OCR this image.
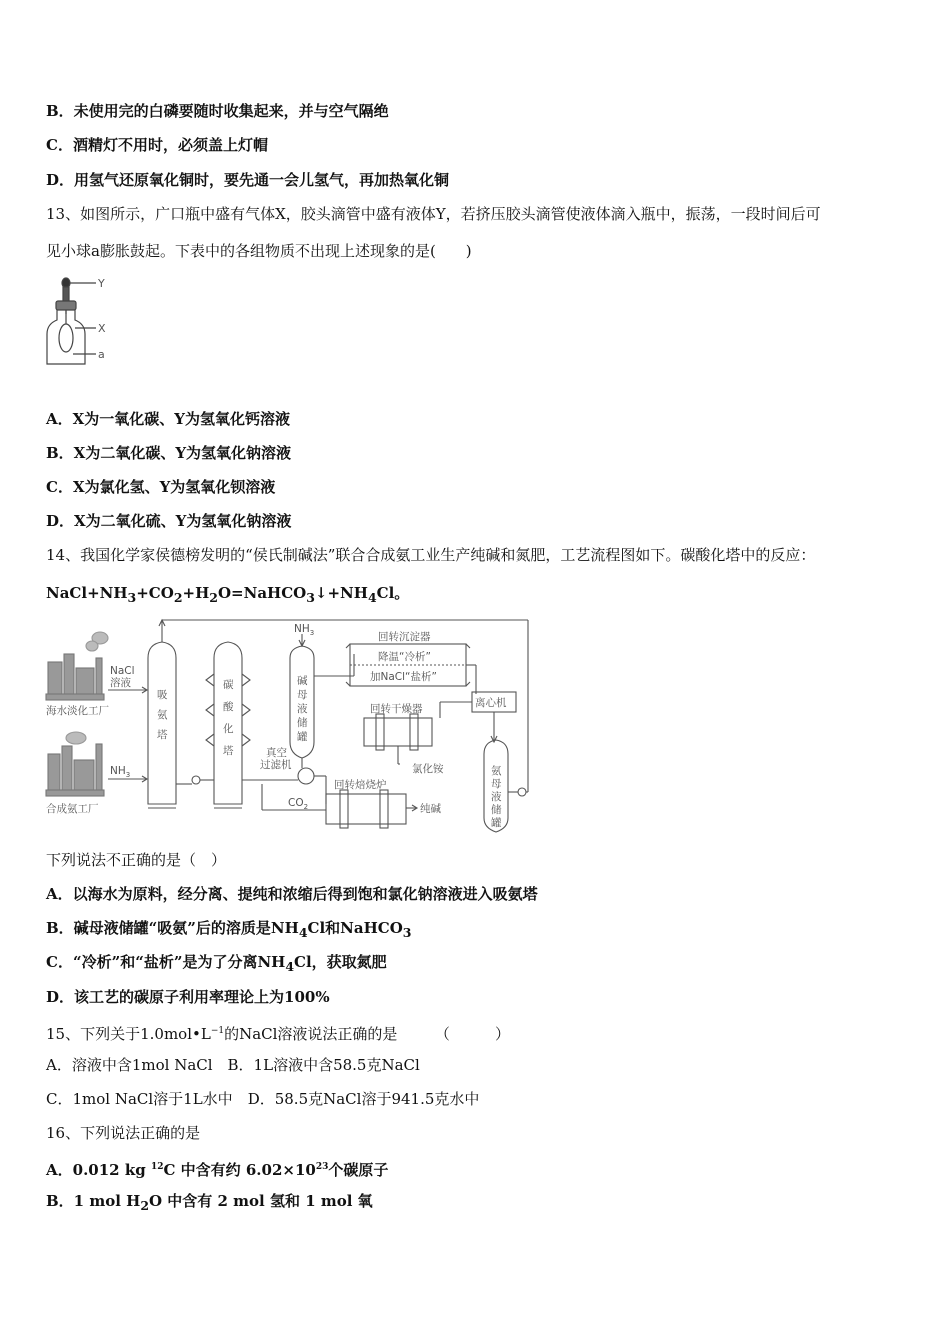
B．未使用完的白磷要随时收集起来，并与空气隔绝
C．酒精灯不用时，必须盖上灯帽
D．用氢气还原氧化铜时，要先通一会儿氢气，再加热氧化铜
13、如图所示，广口瓶中盛有气体X，胶头滴管中盛有液体Y，若挤压胶头滴管使液体滴入瓶中，振荡，一段时间后可
见小球a膨胀鼓起。下表中的各组物质不出现上述现象的是(　　)
Y
X
a
A．X为一氧化碳、Y为氢氧化钙溶液
B．X为二氧化碳、Y为氢氧化钠溶液
C．X为氯化氢、Y为氢氧化钡溶液
D．X为二氧化硫、Y为氢氧化钠溶液
14、我国化学家侯德榜发明的“侯氏制碱法”联合合成氨工业生产纯碱和氮肥，工艺流程图如下。碳酸化塔中的反应：
$NaCl+NH_3+CO_2+H_2O=NaHCO_3↓+NH_4Cl$。
NaCl
溶液
海水淡化工厂
$NH_3$
合成氨工厂
吸
氨
塔
碳
酸
化
塔
$NH_3$
碱
母
液
储
罐
回转沉淀器
降温“冷析”
加NaCl“盐析”
离心机
回转干燥器
氯化铵
真空
过滤机
回转焙烧炉
$CO_2$	纯碱
氨
母
液
储
罐
下列说法不正确的是（　）
A．以海水为原料，经分离、提纯和浓缩后得到饱和氯化钠溶液进入吸氨塔
B．碱母液储罐“吸氨”后的溶质是$NH_4Cl$和NaHCO$_3$
C．“冷析”和“盐析”是为了分离$NH_4Cl$，获取氮肥
D．该工艺的碳原子利用率理论上为100%
15、下列关于$1.0mol•L^{-1}$的NaCl溶液说法正确的是　　　（　　　）
A．溶液中含1mol NaCl　B．1L溶液中含58.5克NaCl
C．1mol NaCl溶于1L水中　D．58.5克NaCl溶于941.5克水中
16、下列说法正确的是
A．0.012 kg $^{12}$C 中含有约 $6.02\times 10^{23}$个碳原子
B．1 mol $H_2O$ 中含有 2 mol 氢和 1 mol 氧
